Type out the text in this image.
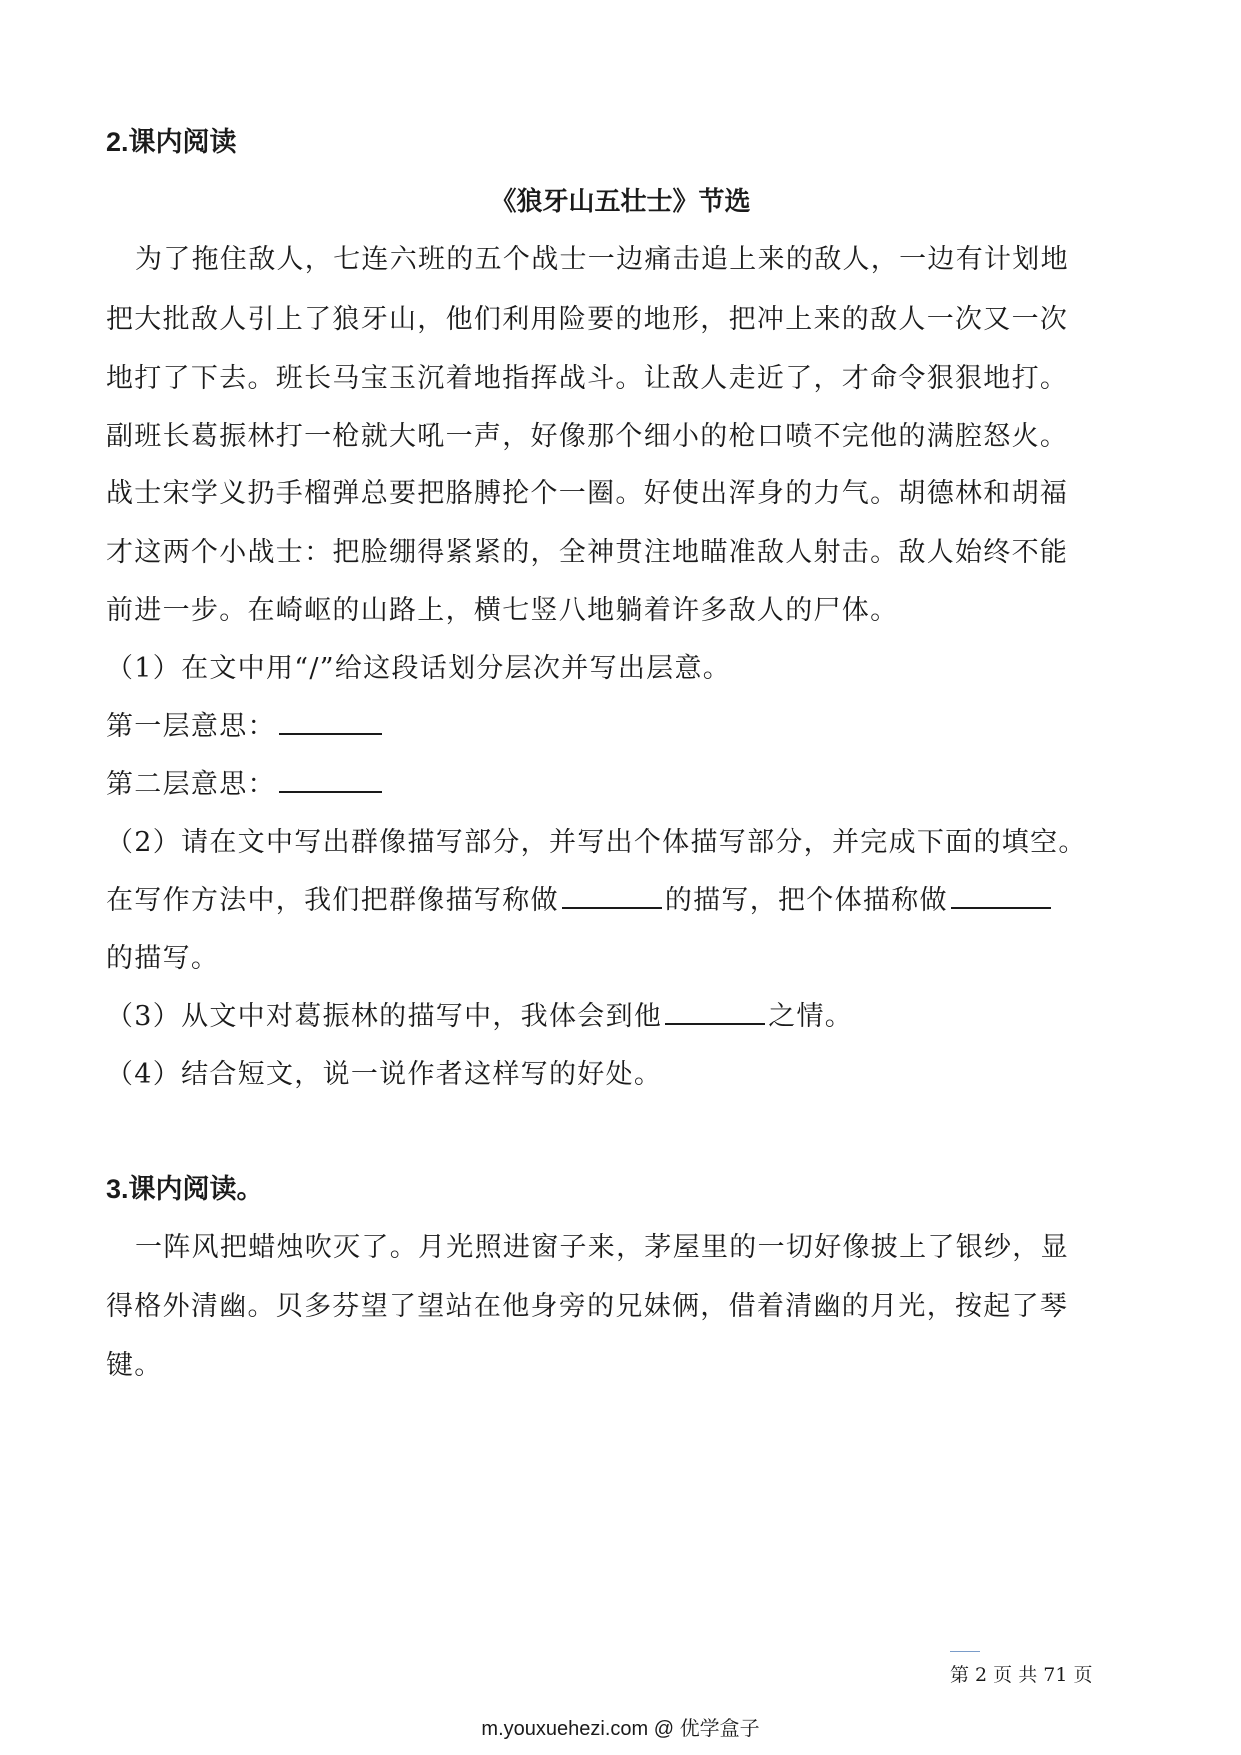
2.课内阅读
《狼牙山五壮士》节选
为了拖住敌人，七连六班的五个战士一边痛击追上来的敌人，一边有计划地
把大批敌人引上了狼牙山，他们利用险要的地形，把冲上来的敌人一次又一次
地打了下去。班长马宝玉沉着地指挥战斗。让敌人走近了，才命令狠狠地打。
副班长葛振林打一枪就大吼一声，好像那个细小的枪口喷不完他的满腔怒火。
战士宋学义扔手榴弹总要把胳膊抡个一圈。好使出浑身的力气。胡德林和胡福
才这两个小战士：把脸绷得紧紧的，全神贯注地瞄准敌人射击。敌人始终不能
前进一步。在崎岖的山路上，横七竖八地躺着许多敌人的尸体。
（1）在文中用“/”给这段话划分层次并写出层意。
第一层意思：
第二层意思：
（2）请在文中写出群像描写部分，并写出个体描写部分，并完成下面的填空。
在写作方法中，我们把群像描写称做	的描写，把个体描称做
的描写。
（3）从文中对葛振林的描写中，我体会到他	之情。
（4）结合短文，说一说作者这样写的好处。
3.课内阅读。
一阵风把蜡烛吹灭了。月光照进窗子来，茅屋里的一切好像披上了银纱，显
得格外清幽。贝多芬望了望站在他身旁的兄妹俩，借着清幽的月光，按起了琴
键。
第 2 页 共 71 页
m.youxuehezi.com @ 优学盒子
